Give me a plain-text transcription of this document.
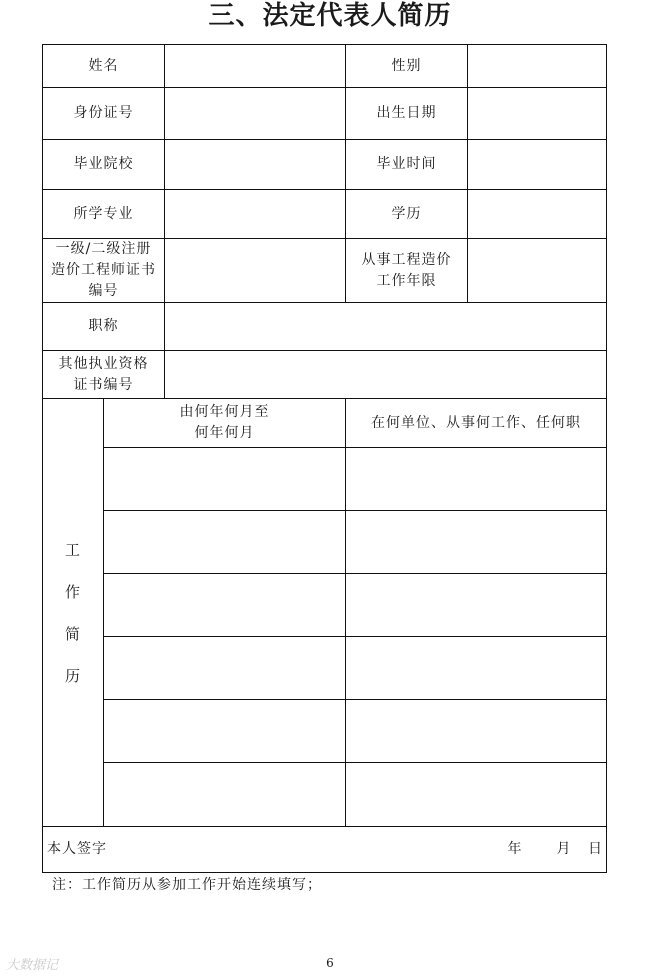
三、法定代表人简历
姓名			性别	
身份证号			出生日期	
毕业院校			毕业时间	
所学专业			学历	

一级/二级注册造价工程师证书编号			从事工程造价工作年限	

职称				

其他执业资格证书编号				

工作简历	由何年何月至何年何月		在何单位、从事何工作、任何职	

本人签字 年 月 日				
注：工作简历从参加工作开始连续填写；
大数据记	6
